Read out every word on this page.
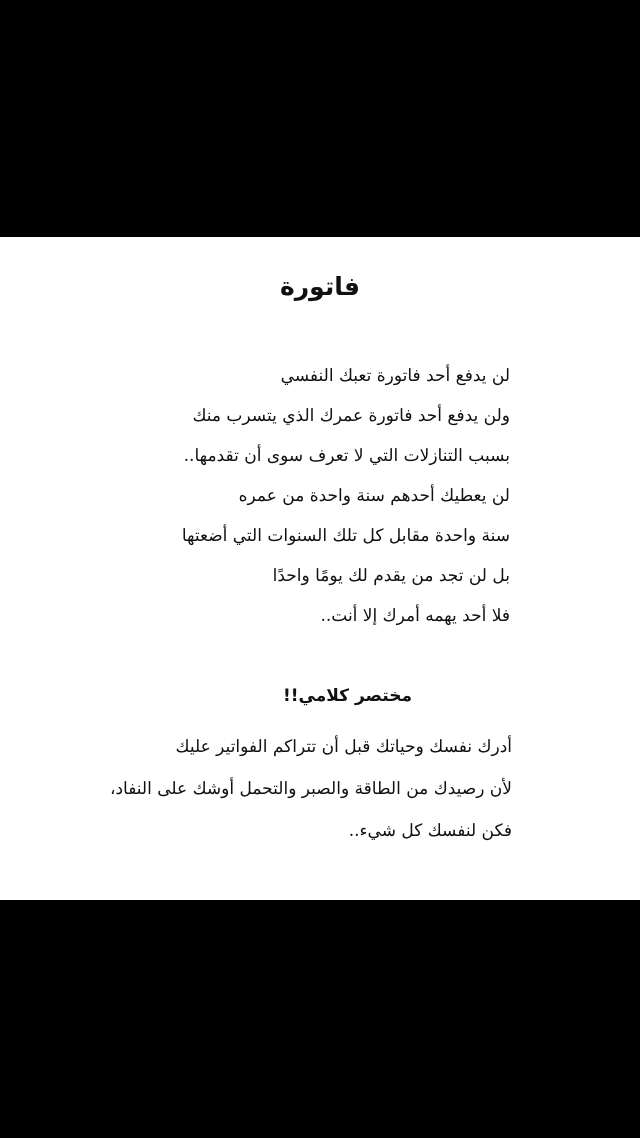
فاتورة
لن يدفع أحد فاتورة تعبك النفسي
ولن يدفع أحد فاتورة عمرك الذي يتسرب منك
بسبب التنازلات التي لا تعرف سوى أن تقدمها..
لن يعطيك أحدهم سنة واحدة من عمره
سنة واحدة مقابل كل تلك السنوات التي أضعتها
بل لن تجد من يقدم لك يومًا واحدًا
فلا أحد يهمه أمرك إلا أنت..
مختصر كلامي!!
أدرك نفسك وحياتك قبل أن تتراكم الفواتير عليك
لأن رصيدك من الطاقة والصبر والتحمل أوشك على النفاد،
فكن لنفسك كل شيء..
